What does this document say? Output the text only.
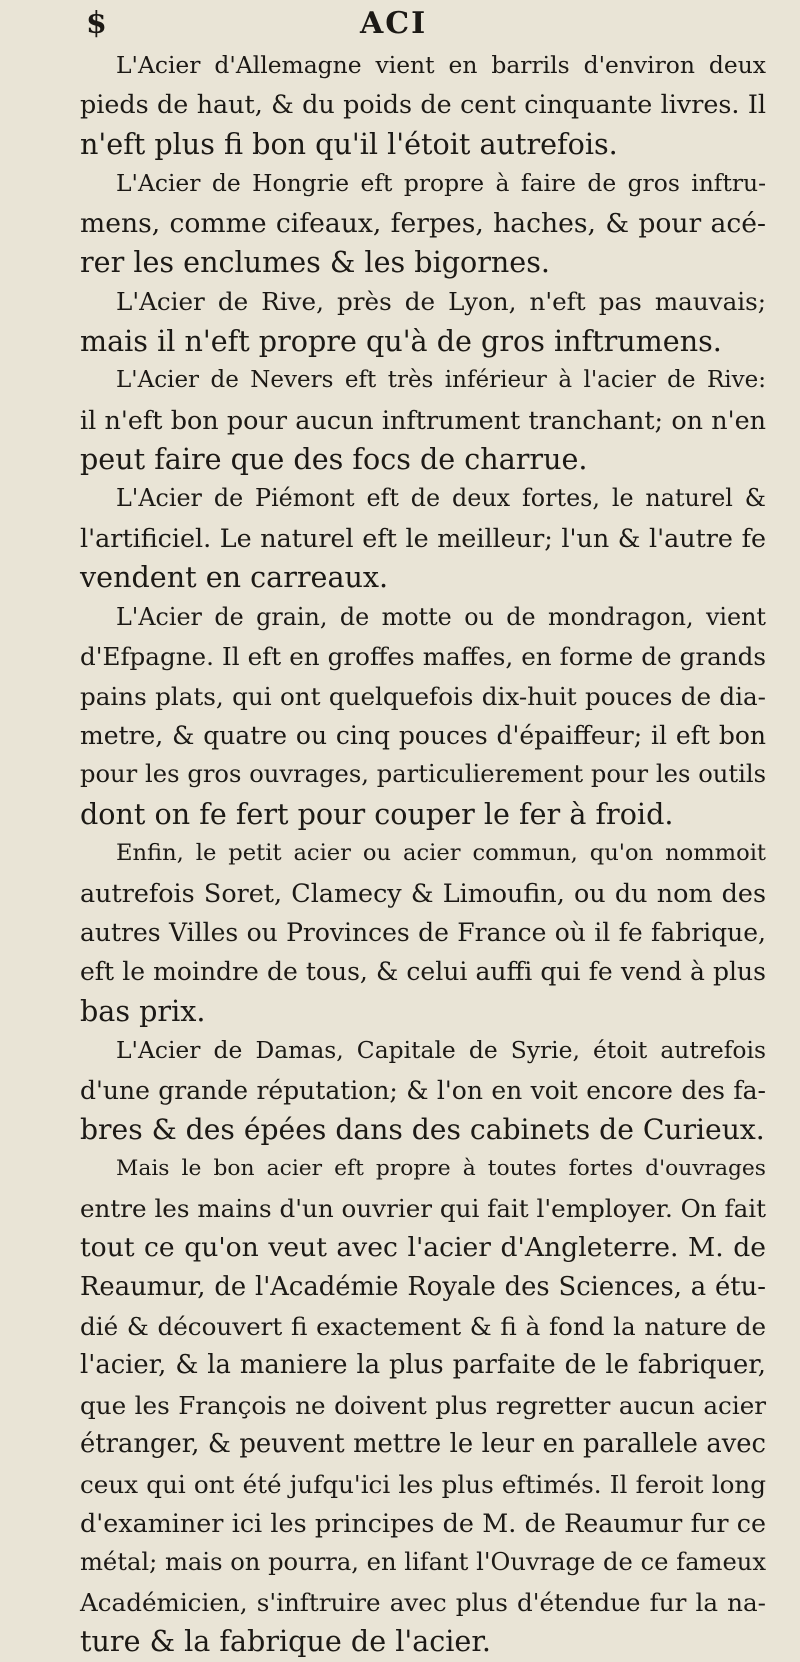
$	ACI

L'Acier d'Allemagne vient en barrils d'environ deux
pieds de haut, & du poids de cent cinquante livres. Il
n'eft plus fi bon qu'il l'étoit autrefois.

L'Acier de Hongrie eft propre à faire de gros inftru-
mens, comme cifeaux, ferpes, haches, & pour acé-
rer les enclumes & les bigornes.

L'Acier de Rive, près de Lyon, n'eft pas mauvais;
mais il n'eft propre qu'à de gros inftrumens.

L'Acier de Nevers eft très inférieur à l'acier de Rive:
il n'eft bon pour aucun inftrument tranchant; on n'en
peut faire que des focs de charrue.

L'Acier de Piémont eft de deux fortes, le naturel &
l'artificiel. Le naturel eft le meilleur; l'un & l'autre fe
vendent en carreaux.

L'Acier de grain, de motte ou de mondragon, vient
d'Efpagne. Il eft en groffes maffes, en forme de grands
pains plats, qui ont quelquefois dix-huit pouces de dia-
metre, & quatre ou cinq pouces d'épaiffeur; il eft bon
pour les gros ouvrages, particulierement pour les outils
dont on fe fert pour couper le fer à froid.

Enfin, le petit acier ou acier commun, qu'on nommoit
autrefois Soret, Clamecy & Limoufin, ou du nom des
autres Villes ou Provinces de France où il fe fabrique,
eft le moindre de tous, & celui auffi qui fe vend à plus
bas prix.

L'Acier de Damas, Capitale de Syrie, étoit autrefois
d'une grande réputation; & l'on en voit encore des fa-
bres & des épées dans des cabinets de Curieux.

Mais le bon acier eft propre à toutes fortes d'ouvrages
entre les mains d'un ouvrier qui fait l'employer. On fait
tout ce qu'on veut avec l'acier d'Angleterre. M. de
Reaumur, de l'Académie Royale des Sciences, a étu-
dié & découvert fi exactement & fi à fond la nature de
l'acier, & la maniere la plus parfaite de le fabriquer,
que les François ne doivent plus regretter aucun acier
étranger, & peuvent mettre le leur en parallele avec
ceux qui ont été jufqu'ici les plus eftimés. Il feroit long
d'examiner ici les principes de M. de Reaumur fur ce
métal; mais on pourra, en lifant l'Ouvrage de ce fameux
Académicien, s'inftruire avec plus d'étendue fur la na-
ture & la fabrique de l'acier.
